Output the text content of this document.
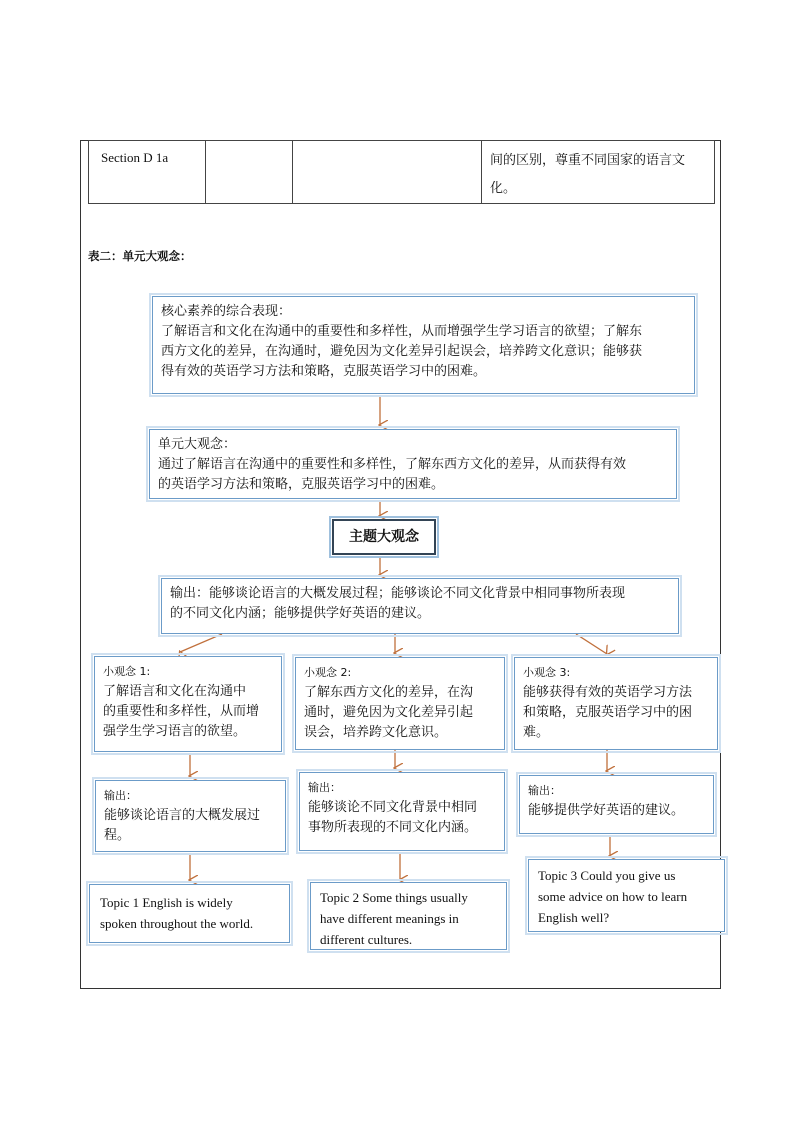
Section D 1a			间的区别，尊重不同国家的语言文
化。
表二：单元大观念：
核心素养的综合表现：
了解语言和文化在沟通中的重要性和多样性，从而增强学生学习语言的欲望；了解东
西方文化的差异，在沟通时，避免因为文化差异引起误会，培养跨文化意识；能够获
得有效的英语学习方法和策略，克服英语学习中的困难。
单元大观念：
通过了解语言在沟通中的重要性和多样性，了解东西方文化的差异，从而获得有效
的英语学习方法和策略，克服英语学习中的困难。
主题大观念
输出：能够谈论语言的大概发展过程；能够谈论不同文化背景中相同事物所表现
的不同文化内涵；能够提供学好英语的建议。
小观念 1:
了解语言和文化在沟通中
的重要性和多样性，从而增
强学生学习语言的欲望。
小观念 2:
了解东西方文化的差异，在沟
通时，避免因为文化差异引起
误会，培养跨文化意识。
小观念 3:
能够获得有效的英语学习方法
和策略，克服英语学习中的困
难。
输出：
能够谈论语言的大概发展过
程。
输出：
能够谈论不同文化背景中相同
事物所表现的不同文化内涵。
输出：
能够提供学好英语的建议。
Topic 1 English is widely
spoken throughout the world.
Topic 2 Some things usually
have different meanings in
different cultures.
Topic 3 Could you give us
some advice on how to learn
English well?
